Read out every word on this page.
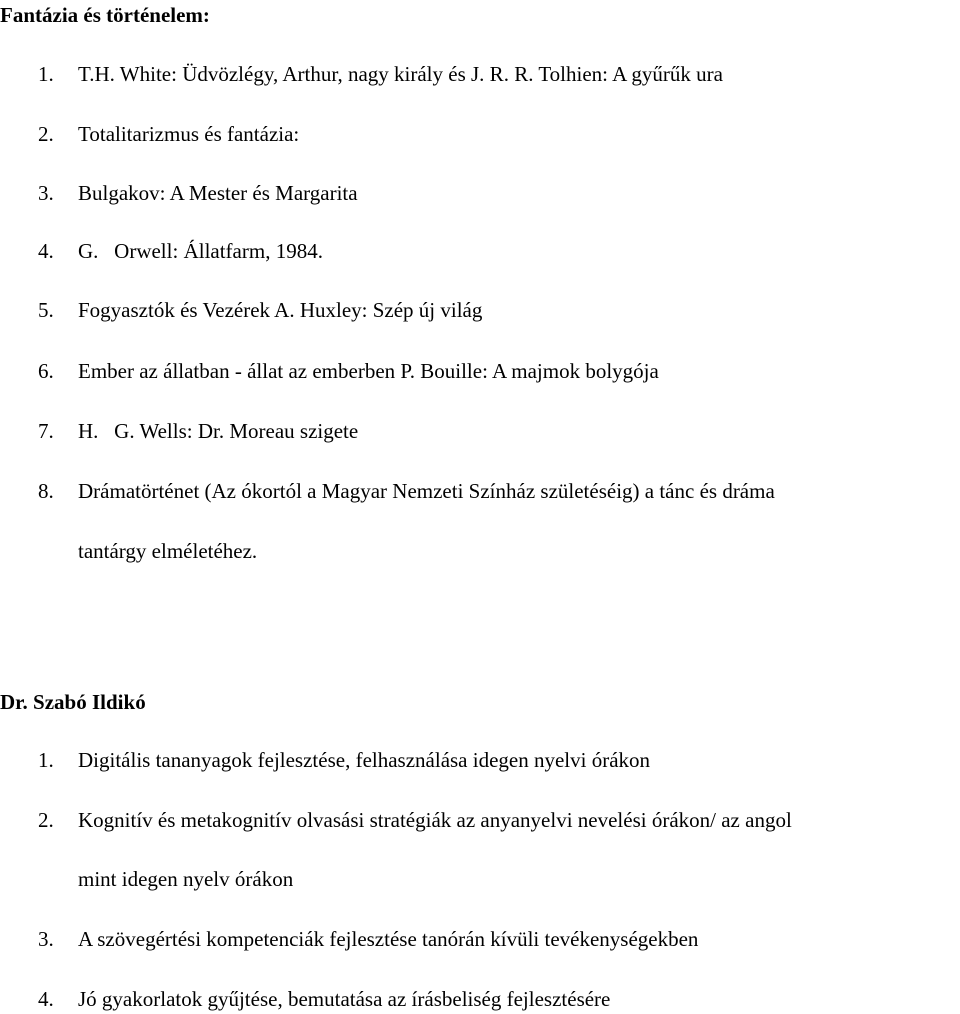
Fantázia és történelem:
1. T.H. White: Üdvözlégy, Arthur, nagy király és J. R. R. Tolhien: A gyűrűk ura
2. Totalitarizmus és fantázia:
3. Bulgakov: A Mester és Margarita
4. G.   Orwell: Állatfarm, 1984.
5. Fogyasztók és Vezérek A. Huxley: Szép új világ
6. Ember az állatban - állat az emberben P. Bouille: A majmok bolygója
7. H.   G. Wells: Dr. Moreau szigete
8. Drámatörténet (Az ókortól a Magyar Nemzeti Színház születéséig) a tánc és dráma
tantárgy elméletéhez.
Dr. Szabó Ildikó
1. Digitális tananyagok fejlesztése, felhasználása idegen nyelvi órákon
2. Kognitív és metakognitív olvasási stratégiák az anyanyelvi nevelési órákon/ az angol
mint idegen nyelv órákon
3. A szövegértési kompetenciák fejlesztése tanórán kívüli tevékenységekben
4. Jó gyakorlatok gyűjtése, bemutatása az írásbeliség fejlesztésére
